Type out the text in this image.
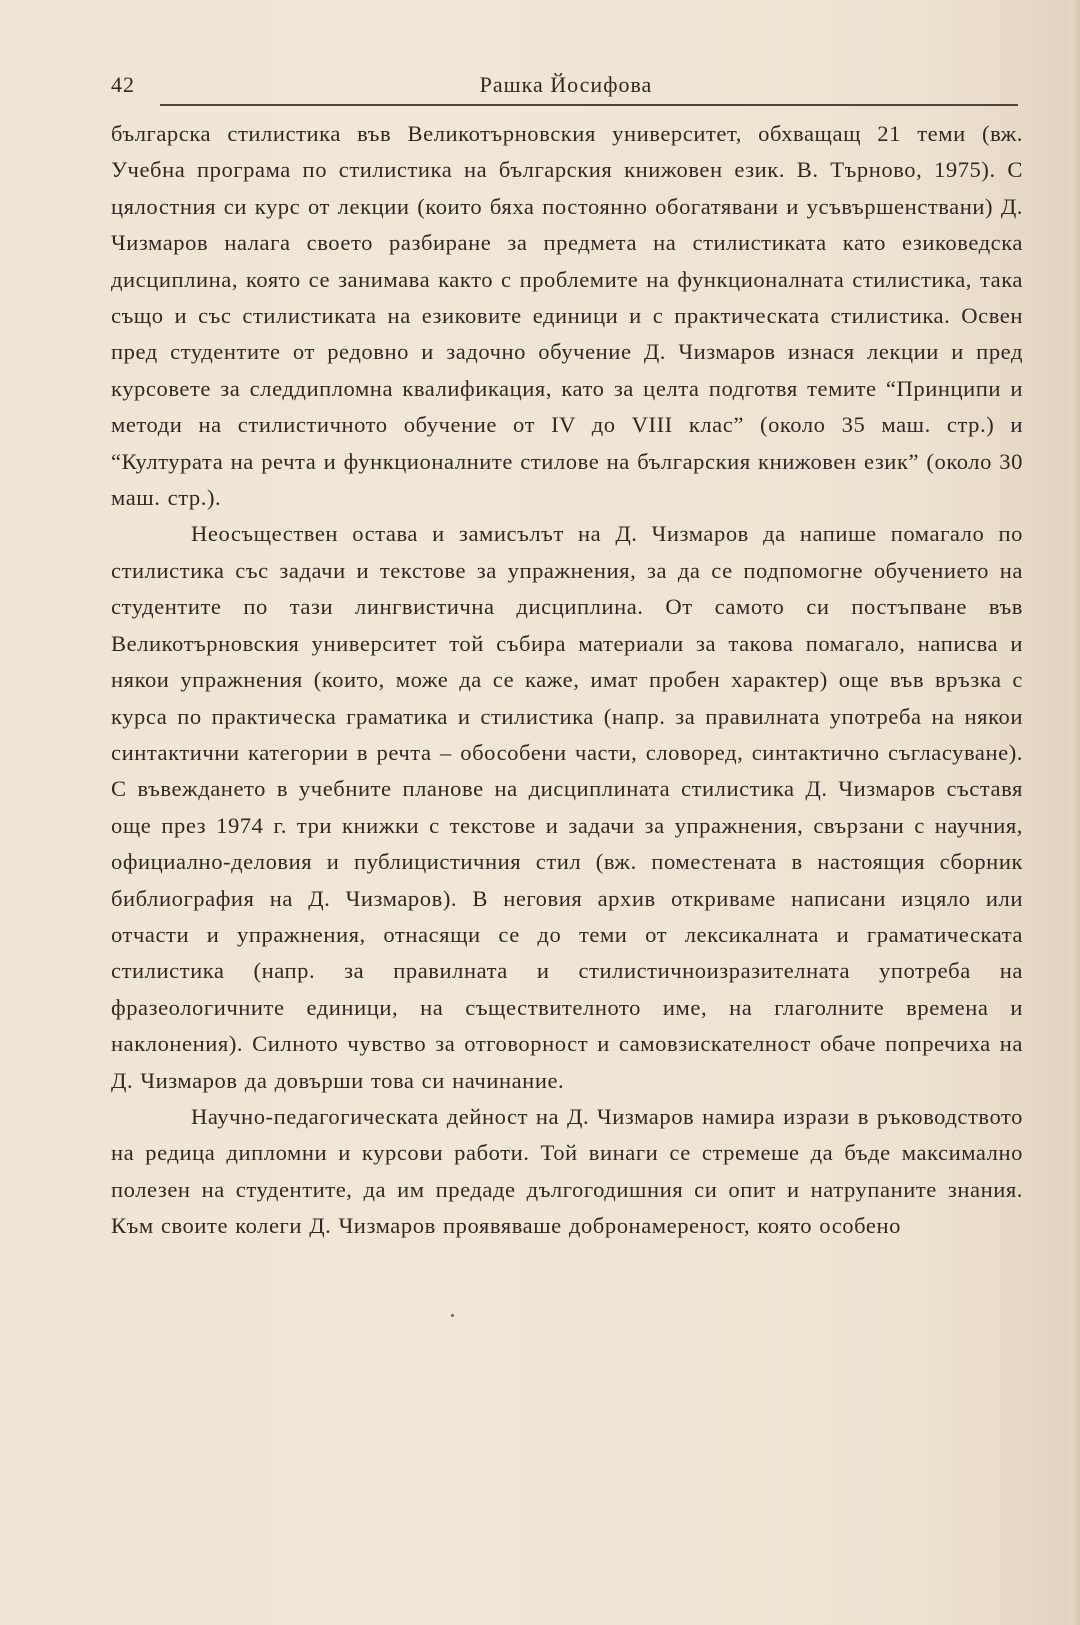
42	Рашка Йосифова

българска стилистика във Великотърновския университет, обхващащ 21 теми (вж. Учебна програма по стилистика на българския книжовен език. В. Търново, 1975). С цялостния си курс от лекции (които бяха постоянно обогатявани и усъвършенствани) Д. Чизмаров налага своето разбиране за предмета на стилистиката като езиковедска дисциплина, която се занимава както с проблемите на функционалната стилистика, така също и със стилистиката на езиковите единици и с практическата стилистика. Освен пред студентите от редовно и задочно обучение Д. Чизмаров изнася лекции и пред курсовете за следдипломна квалификация, като за целта подготвя темите “Принципи и методи на стилистичното обучение от IV до VIII клас” (около 35 маш. стр.) и “Културата на речта и функционалните стилове на българския книжовен език” (около 30 маш. стр.).

Неосъществен остава и замисълът на Д. Чизмаров да напише помагало по стилистика със задачи и текстове за упражнения, за да се подпомогне обучението на студентите по тази лингвистична дисциплина. От самото си постъпване във Великотърновския университет той събира материали за такова помагало, написва и някои упражнения (които, може да се каже, имат пробен характер) още във връзка с курса по практическа граматика и стилистика (напр. за правилната употреба на някои синтактични категории в речта – обособени части, словоред, синтактично съгласуване). С въвеждането в учебните планове на дисциплината стилистика Д. Чизмаров съставя още през 1974 г. три книжки с текстове и задачи за упражнения, свързани с научния, официално-деловия и публицистичния стил (вж. поместената в настоящия сборник библиография на Д. Чизмаров). В неговия архив откриваме написани изцяло или отчасти и упражнения, отнасящи се до теми от лексикалната и граматическата стилистика (напр. за правилната и стилистичноизразителната употреба на фразеологичните единици, на съществителното име, на глаголните времена и наклонения). Силното чувство за отговорност и самовзискателност обаче попречиха на Д. Чизмаров да довърши това си начинание.

Научно-педагогическата дейност на Д. Чизмаров намира изрази в ръководството на редица дипломни и курсови работи. Той винаги се стремеше да бъде максимално полезен на студентите, да им предаде дългогодишния си опит и натрупаните знания. Към своите колеги Д. Чизмаров проявяваше добронамереност, която особено
